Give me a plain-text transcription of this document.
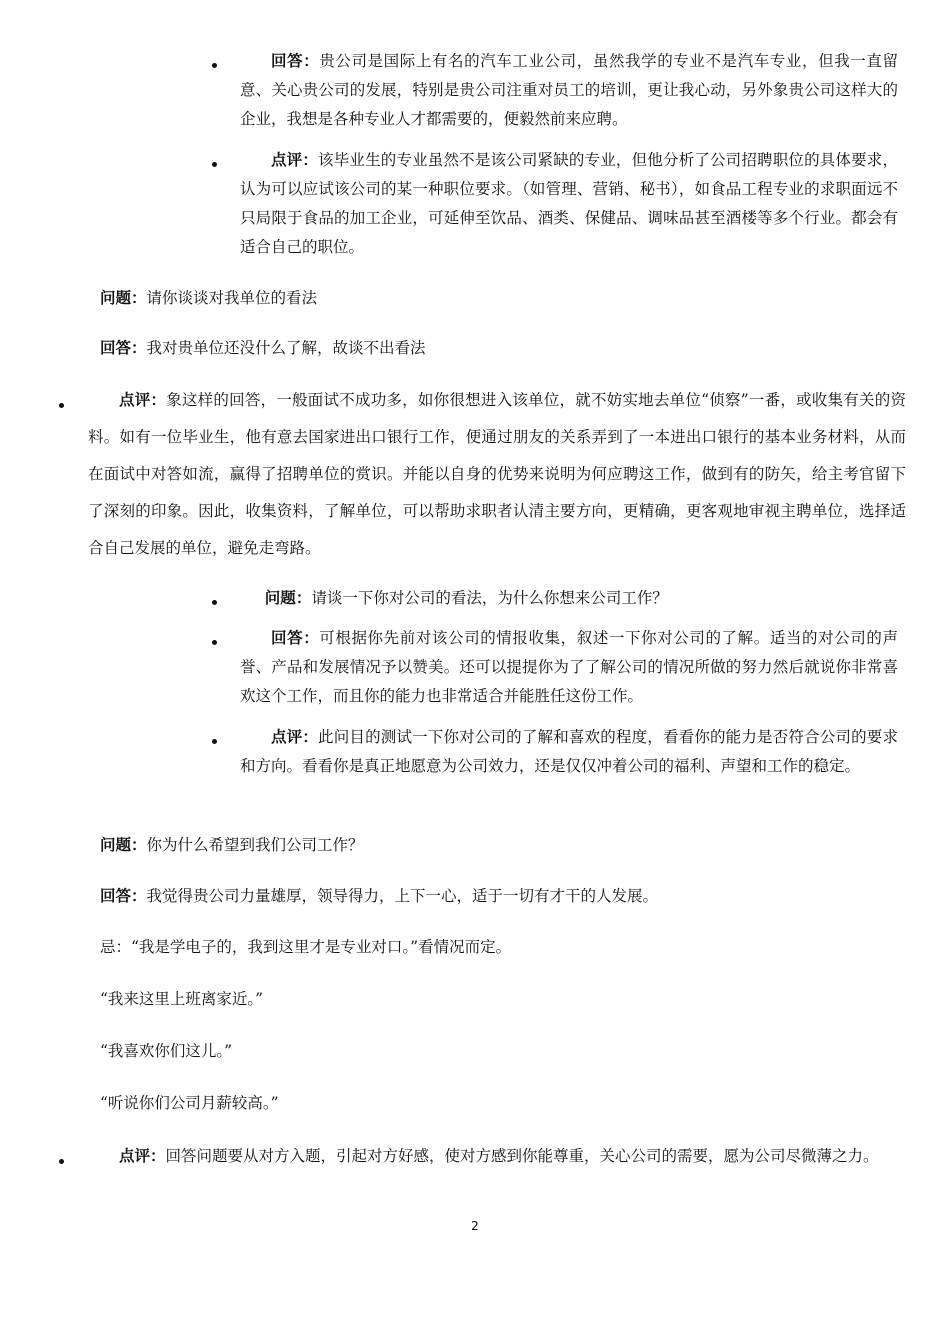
回答：贵公司是国际上有名的汽车工业公司，虽然我学的专业不是汽车专业，但我一直留意、关心贵公司的发展，特别是贵公司注重对员工的培训，更让我心动，另外象贵公司这样大的企业，我想是各种专业人才都需要的，便毅然前来应聘。
点评：该毕业生的专业虽然不是该公司紧缺的专业，但他分析了公司招聘职位的具体要求，认为可以应试该公司的某一种职位要求。（如管理、营销、秘书），如食品工程专业的求职面远不只局限于食品的加工企业，可延伸至饮品、酒类、保健品、调味品甚至酒楼等多个行业。都会有适合自己的职位。
问题：请你谈谈对我单位的看法
回答：我对贵单位还没什么了解，故谈不出看法
点评：象这样的回答，一般面试不成功多，如你很想进入该单位，就不妨实地去单位“侦察”一番，或收集有关的资料。如有一位毕业生，他有意去国家进出口银行工作，便通过朋友的关系弄到了一本进出口银行的基本业务材料，从而在面试中对答如流，赢得了招聘单位的赏识。并能以自身的优势来说明为何应聘这工作，做到有的防矢，给主考官留下了深刻的印象。因此，收集资料，了解单位，可以帮助求职者认清主要方向，更精确，更客观地审视主聘单位，选择适合自己发展的单位，避免走弯路。
问题：请谈一下你对公司的看法，为什么你想来公司工作？
回答：可根据你先前对该公司的情报收集，叙述一下你对公司的了解。适当的对公司的声誉、产品和发展情况予以赞美。还可以提提你为了了解公司的情况所做的努力然后就说你非常喜欢这个工作，而且你的能力也非常适合并能胜任这份工作。
点评：此问目的测试一下你对公司的了解和喜欢的程度，看看你的能力是否符合公司的要求和方向。看看你是真正地愿意为公司效力，还是仅仅冲着公司的福利、声望和工作的稳定。
问题：你为什么希望到我们公司工作？
回答：我觉得贵公司力量雄厚，领导得力，上下一心，适于一切有才干的人发展。
忌：“我是学电子的，我到这里才是专业对口。”看情况而定。
“我来这里上班离家近。”
“我喜欢你们这儿。”
“听说你们公司月薪较高。”
点评：回答问题要从对方入题，引起对方好感，使对方感到你能尊重，关心公司的需要，愿为公司尽微薄之力。
2
